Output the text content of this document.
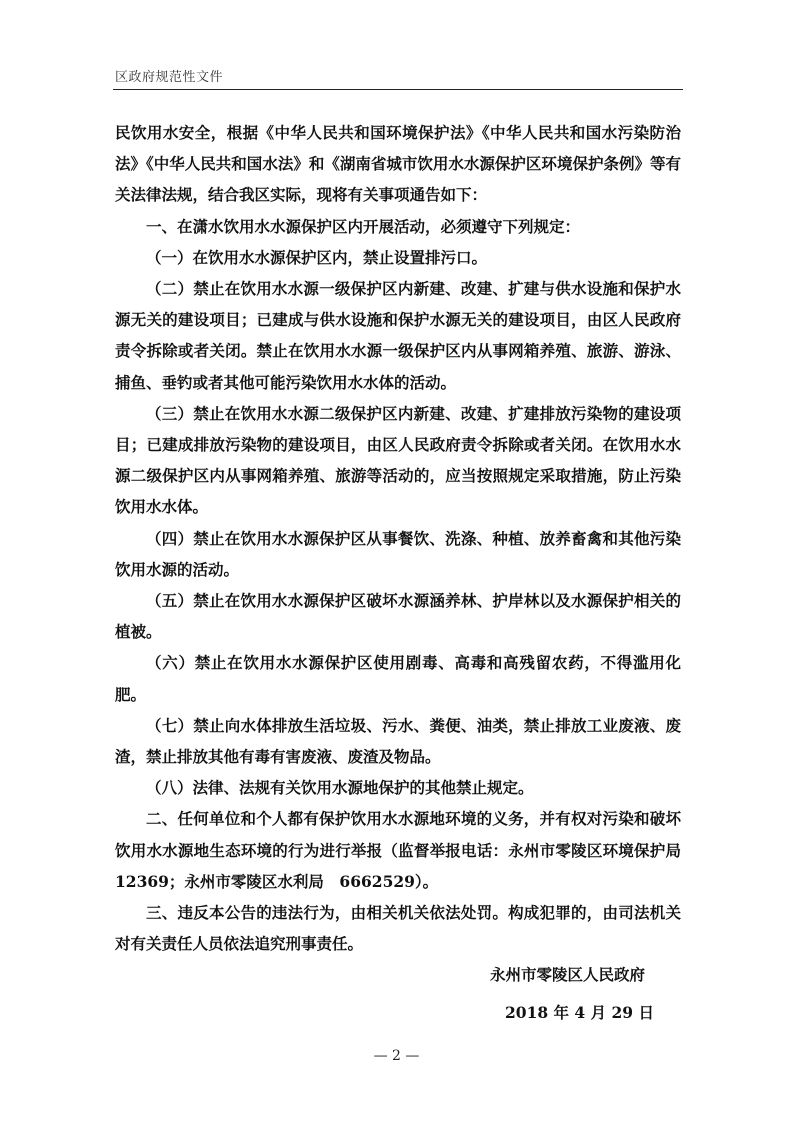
区政府规范性文件

民饮用水安全，根据《中华人民共和国环境保护法》《中华人民共和国水污染防治法》《中华人民共和国水法》和《湖南省城市饮用水水源保护区环境保护条例》等有关法律法规，结合我区实际，现将有关事项通告如下：

一、在潇水饮用水水源保护区内开展活动，必须遵守下列规定：

（一）在饮用水水源保护区内，禁止设置排污口。

（二）禁止在饮用水水源一级保护区内新建、改建、扩建与供水设施和保护水源无关的建设项目；已建成与供水设施和保护水源无关的建设项目，由区人民政府责令拆除或者关闭。禁止在饮用水水源一级保护区内从事网箱养殖、旅游、游泳、捕鱼、垂钓或者其他可能污染饮用水水体的活动。

（三）禁止在饮用水水源二级保护区内新建、改建、扩建排放污染物的建设项目；已建成排放污染物的建设项目，由区人民政府责令拆除或者关闭。在饮用水水源二级保护区内从事网箱养殖、旅游等活动的，应当按照规定采取措施，防止污染饮用水水体。

（四）禁止在饮用水水源保护区从事餐饮、洗涤、种植、放养畜禽和其他污染饮用水源的活动。

（五）禁止在饮用水水源保护区破坏水源涵养林、护岸林以及水源保护相关的植被。

（六）禁止在饮用水水源保护区使用剧毒、高毒和高残留农药，不得滥用化肥。

（七）禁止向水体排放生活垃圾、污水、粪便、油类，禁止排放工业废液、废渣，禁止排放其他有毒有害废液、废渣及物品。

（八）法律、法规有关饮用水源地保护的其他禁止规定。

二、任何单位和个人都有保护饮用水水源地环境的义务，并有权对污染和破坏饮用水水源地生态环境的行为进行举报（监督举报电话：永州市零陵区环境保护局 12369；永州市零陵区水利局　6662529）。

三、违反本公告的违法行为，由相关机关依法处罚。构成犯罪的，由司法机关对有关责任人员依法追究刑事责任。

永州市零陵区人民政府
2018 年 4 月 29 日
— 2 —
